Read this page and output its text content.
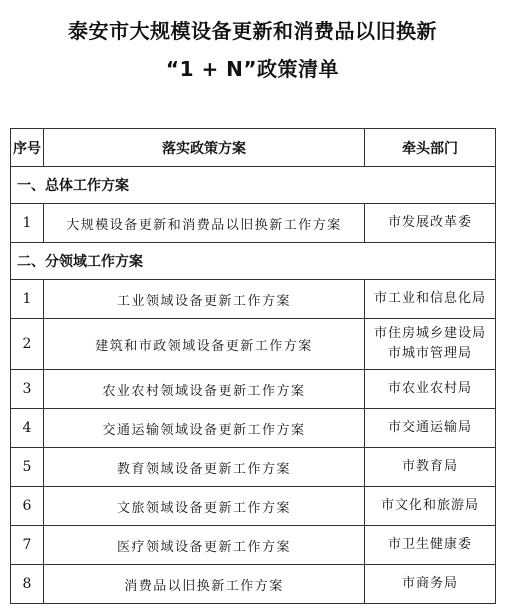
泰安市大规模设备更新和消费品以旧换新
“1 + N”政策清单
序号	落实政策方案	牵头部门
一、总体工作方案		
1	大规模设备更新和消费品以旧换新工作方案	市发展改革委

二、分领域工作方案		
1	工业领域设备更新工作方案	市工业和信息化局

2	建筑和市政领域设备更新工作方案	市住房城乡建设局
市城市管理局

3	农业农村领域设备更新工作方案	市农业农村局

4	交通运输领域设备更新工作方案	市交通运输局

5	教育领域设备更新工作方案	市教育局

6	文旅领域设备更新工作方案	市文化和旅游局

7	医疗领域设备更新工作方案	市卫生健康委

8	消费品以旧换新工作方案	市商务局
